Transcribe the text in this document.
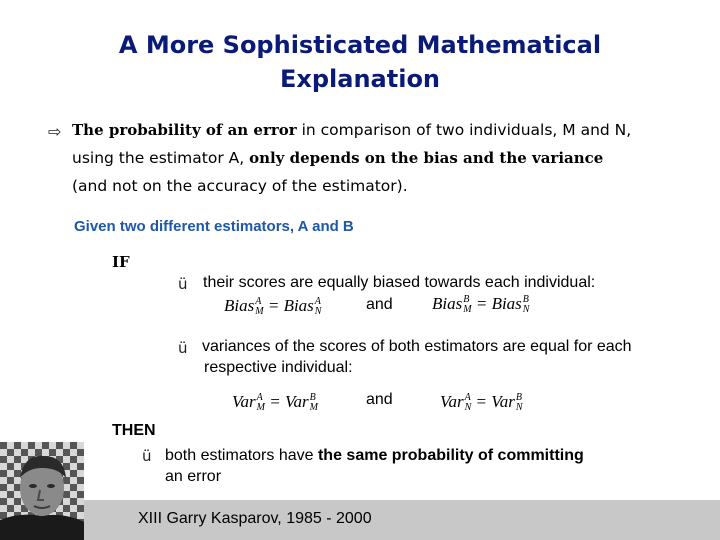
A More Sophisticated Mathematical
Explanation
⇨ The probability of an error in comparison of two individuals, M and N,
using the estimator A, only depends on the bias and the variance
(and not on the accuracy of the estimator).
Given two different estimators, A and B
IF
ü their scores are equally biased towards each individual:
Bias A
M = Bias A
N	and Bias B
M = Bias B
N
ü variances of the scores of both estimators are equal for each
respective individual:
Var A
M = Var B
M	and	Var A
N = Var B
N
THEN
ü both estimators have the same probability of committing
an error
XIII Garry Kasparov, 1985 - 2000
